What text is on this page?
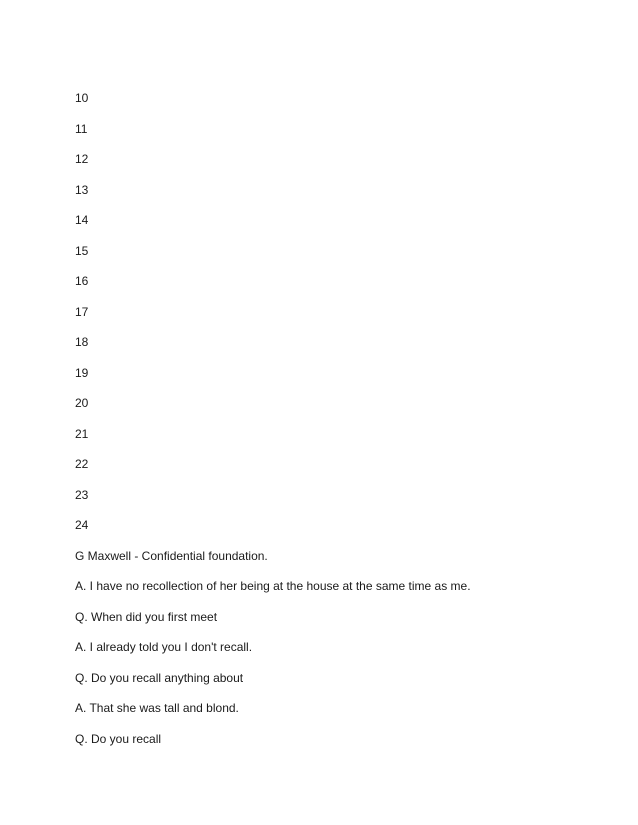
10
11
12
13
14
15
16
17
18
19
20
21
22
23
24
G Maxwell - Confidential foundation.
A. I have no recollection of her being at the house at the same time as me.
Q. When did you first meet
A. I already told you I don't recall.
Q. Do you recall anything about
A. That she was tall and blond.
Q. Do you recall
